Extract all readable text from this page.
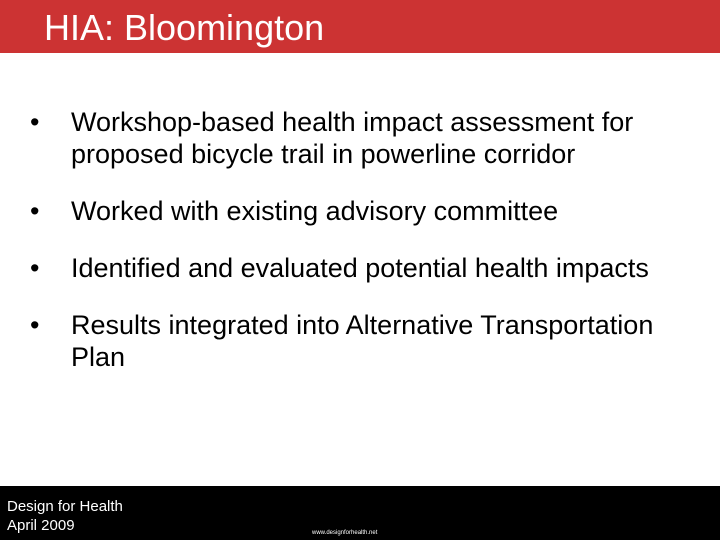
HIA: Bloomington
•	Workshop-based health impact assessment for proposed bicycle trail in powerline corridor
•	Worked with existing advisory committee
•	Identified and evaluated potential health impacts
•	Results integrated into Alternative Transportation Plan
Design for Health
April 2009	www.designforhealth.net
